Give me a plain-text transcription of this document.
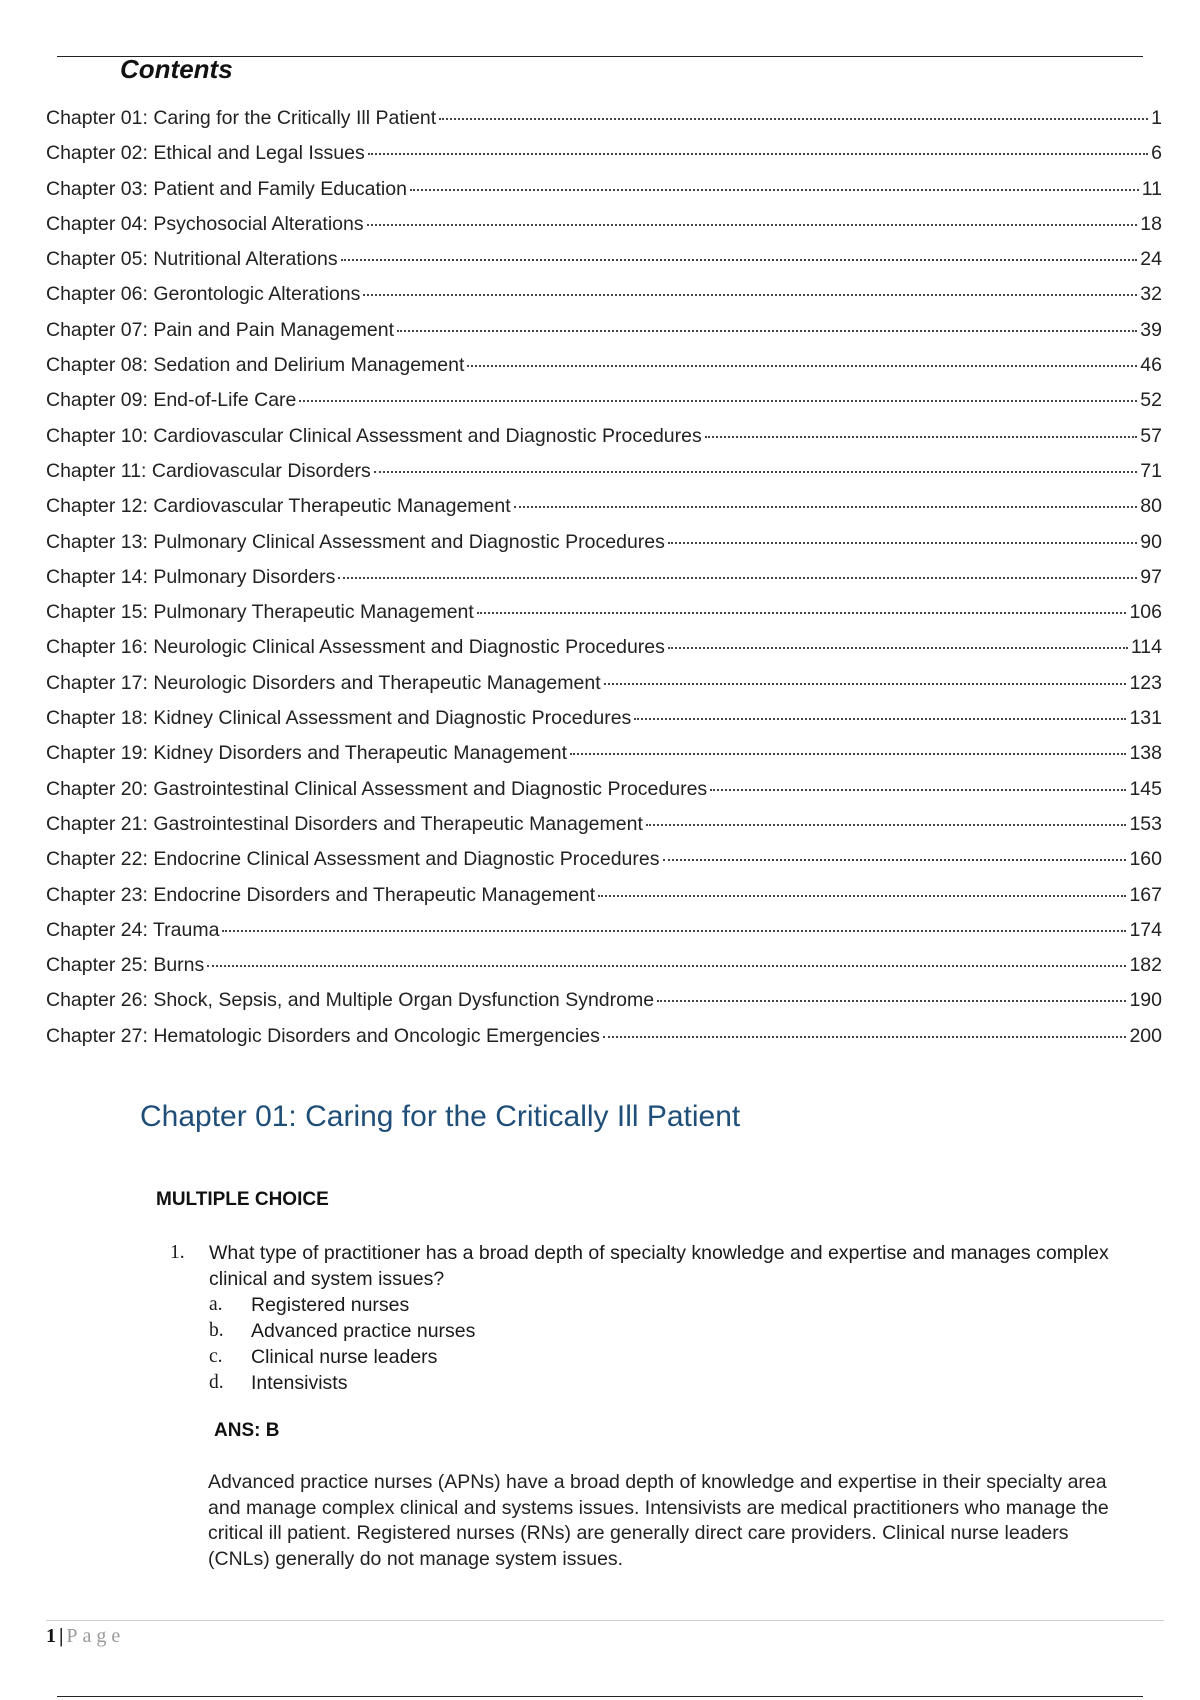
Contents
Chapter 01: Caring for the Critically Ill Patient	1
Chapter 02: Ethical and Legal Issues	6
Chapter 03: Patient and Family Education	11
Chapter 04: Psychosocial Alterations	18
Chapter 05: Nutritional Alterations	24
Chapter 06: Gerontologic Alterations	32
Chapter 07: Pain and Pain Management	39
Chapter 08: Sedation and Delirium Management	46
Chapter 09: End-of-Life Care	52
Chapter 10: Cardiovascular Clinical Assessment and Diagnostic Procedures	57
Chapter 11: Cardiovascular Disorders	71
Chapter 12: Cardiovascular Therapeutic Management	80
Chapter 13: Pulmonary Clinical Assessment and Diagnostic Procedures	90
Chapter 14: Pulmonary Disorders	97
Chapter 15: Pulmonary Therapeutic Management	106
Chapter 16: Neurologic Clinical Assessment and Diagnostic Procedures	114
Chapter 17: Neurologic Disorders and Therapeutic Management	123
Chapter 18: Kidney Clinical Assessment and Diagnostic Procedures	131
Chapter 19: Kidney Disorders and Therapeutic Management	138
Chapter 20: Gastrointestinal Clinical Assessment and Diagnostic Procedures	145
Chapter 21: Gastrointestinal Disorders and Therapeutic Management	153
Chapter 22: Endocrine Clinical Assessment and Diagnostic Procedures	160
Chapter 23: Endocrine Disorders and Therapeutic Management	167
Chapter 24: Trauma	174
Chapter 25: Burns	182
Chapter 26: Shock, Sepsis, and Multiple Organ Dysfunction Syndrome	190
Chapter 27: Hematologic Disorders and Oncologic Emergencies	200
Chapter 01: Caring for the Critically Ill Patient
MULTIPLE CHOICE
1. What type of practitioner has a broad depth of specialty knowledge and expertise and manages complex clinical and system issues?
a.	Registered nurses
b.	Advanced practice nurses
c.	Clinical nurse leaders
d.	Intensivists
ANS: B
Advanced practice nurses (APNs) have a broad depth of knowledge and expertise in their specialty area and manage complex clinical and systems issues. Intensivists are medical practitioners who manage the critical ill patient. Registered nurses (RNs) are generally direct care providers. Clinical nurse leaders (CNLs) generally do not manage system issues.
1 | Page
